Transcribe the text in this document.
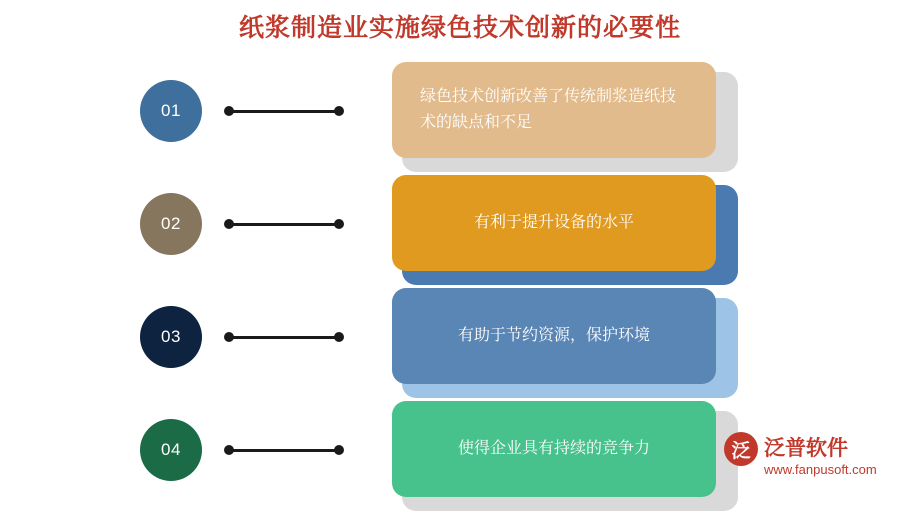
纸浆制造业实施绿色技术创新的必要性
01
绿色技术创新改善了传统制浆造纸技术的缺点和不足
02	有利于提升设备的水平
03	有助于节约资源，保护环境
04	使得企业具有持续的竞争力	泛 泛普软件
www.fanpusoft.com
